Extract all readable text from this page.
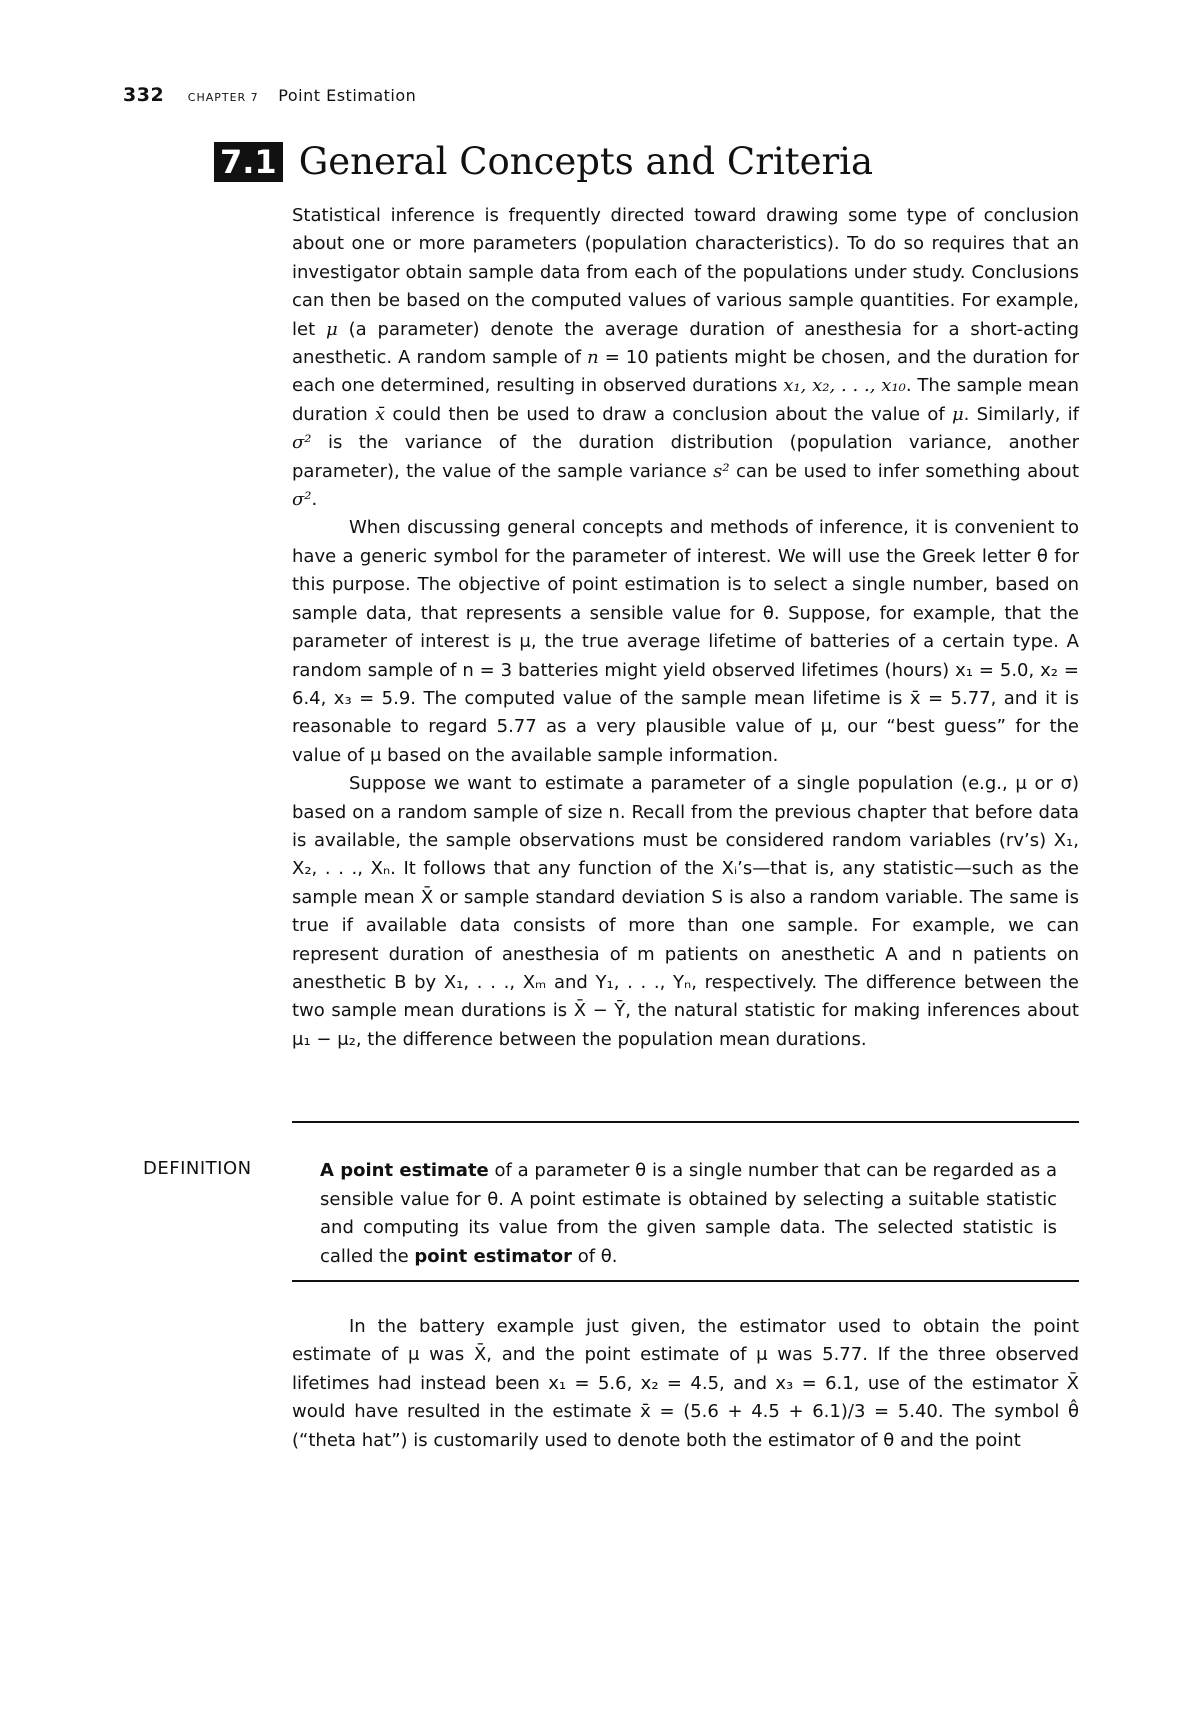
332 CHAPTER 7 Point Estimation
7.1 General Concepts and Criteria

Statistical inference is frequently directed toward drawing some type of conclusion about one or more parameters (population characteristics). To do so requires that an investigator obtain sample data from each of the populations under study. Conclusions can then be based on the computed values of various sample quantities. For example, let μ (a parameter) denote the average duration of anesthesia for a short-acting anesthetic. A random sample of n = 10 patients might be chosen, and the duration for each one determined, resulting in observed durations x₁, x₂, . . ., x₁₀. The sample mean duration x̄ could then be used to draw a conclusion about the value of μ. Similarly, if σ² is the variance of the duration distribution (population variance, another parameter), the value of the sample variance s² can be used to infer something about σ².

When discussing general concepts and methods of inference, it is convenient to have a generic symbol for the parameter of interest. We will use the Greek letter θ for this purpose. The objective of point estimation is to select a single number, based on sample data, that represents a sensible value for θ. Suppose, for example, that the parameter of interest is μ, the true average lifetime of batteries of a certain type. A random sample of n = 3 batteries might yield observed lifetimes (hours) x₁ = 5.0, x₂ = 6.4, x₃ = 5.9. The computed value of the sample mean lifetime is x̄ = 5.77, and it is reasonable to regard 5.77 as a very plausible value of μ, our “best guess” for the value of μ based on the available sample information.

Suppose we want to estimate a parameter of a single population (e.g., μ or σ) based on a random sample of size n. Recall from the previous chapter that before data is available, the sample observations must be considered random variables (rv’s) X₁, X₂, . . ., Xₙ. It follows that any function of the Xᵢ’s—that is, any statistic—such as the sample mean X̄ or sample standard deviation S is also a random variable. The same is true if available data consists of more than one sample. For example, we can represent duration of anesthesia of m patients on anesthetic A and n patients on anesthetic B by X₁, . . ., Xₘ and Y₁, . . ., Yₙ, respectively. The difference between the two sample mean durations is X̄ − Ȳ, the natural statistic for making inferences about μ₁ − μ₂, the difference between the population mean durations.

DEFINITION	A point estimate of a parameter θ is a single number that can be regarded as a sensible value for θ. A point estimate is obtained by selecting a suitable statistic and computing its value from the given sample data. The selected statistic is called the point estimator of θ.

In the battery example just given, the estimator used to obtain the point estimate of μ was X̄, and the point estimate of μ was 5.77. If the three observed lifetimes had instead been x₁ = 5.6, x₂ = 4.5, and x₃ = 6.1, use of the estimator X̄ would have resulted in the estimate x̄ = (5.6 + 4.5 + 6.1)/3 = 5.40. The symbol θ̂ (“theta hat”) is customarily used to denote both the estimator of θ and the point
